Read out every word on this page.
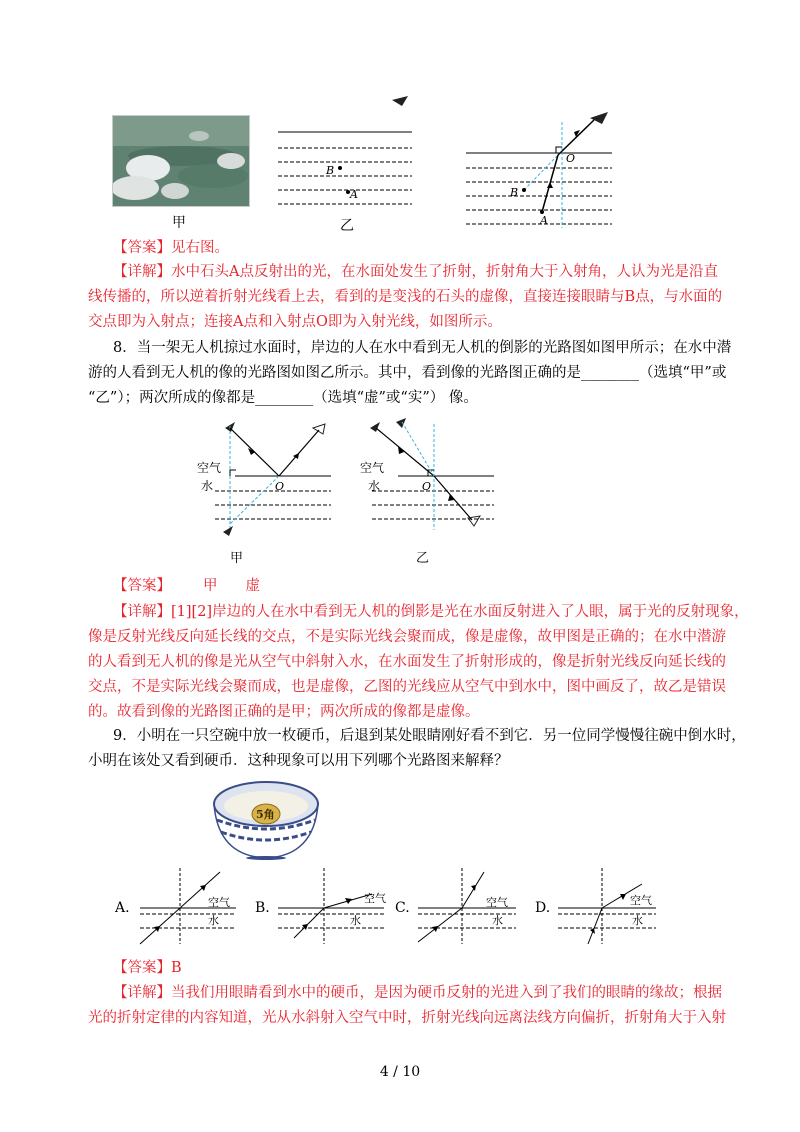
甲
B
A
乙
O
B
A
【答案】见右图。
【详解】水中石头A点反射出的光，在水面处发生了折射，折射角大于入射角，人认为光是沿直
线传播的，所以逆着折射光线看上去，看到的是变浅的石头的虚像，直接连接眼睛与B点，与水面的
交点即为入射点；连接A点和入射点O即为入射光线，如图所示。
8．当一架无人机掠过水面时，岸边的人在水中看到无人机的倒影的光路图如图甲所示；在水中潜
游的人看到无人机的像的光路图如图乙所示。其中，看到像的光路图正确的是________（选填“甲”或
“乙”）；两次所成的像都是________（选填“虚”或“实”） 像。
空气
水	O
甲
空气
水	O
乙
【答案】 甲 虚
【详解】[1][2]岸边的人在水中看到无人机的倒影是光在水面反射进入了人眼，属于光的反射现象，
像是反射光线反向延长线的交点，不是实际光线会聚而成，像是虚像，故甲图是正确的；在水中潜游
的人看到无人机的像是光从空气中斜射入水，在水面发生了折射形成的，像是折射光线反向延长线的
交点，不是实际光线会聚而成，也是虚像，乙图的光线应从空气中到水中，图中画反了，故乙是错误
的。故看到像的光路图正确的是甲；两次所成的像都是虚像。
9．小明在一只空碗中放一枚硬币，后退到某处眼睛刚好看不到它．另一位同学慢慢往碗中倒水时，
小明在该处又看到硬币．这种现象可以用下列哪个光路图来解释？
5角
A.	空气
水
B.
空气
水
C.	空气
水
D.	空气
水
【答案】B
【详解】当我们用眼睛看到水中的硬币，是因为硬币反射的光进入到了我们的眼睛的缘故；根据
光的折射定律的内容知道，光从水斜射入空气中时，折射光线向远离法线方向偏折，折射角大于入射
4 / 10
